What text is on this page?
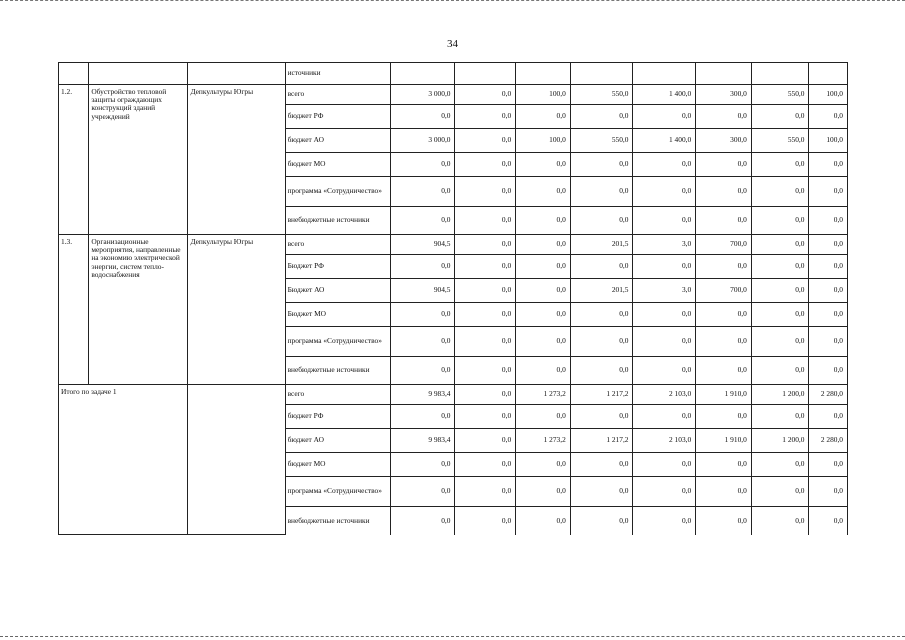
34
			источники								
1.2.	Обустройство тепловой защиты ограждающих конструкций зданий учреждений	Депкультуры Югры	всего	3 000,0	0,0	100,0	550,0	1 400,0	300,0	550,0	100,0
			бюджет РФ	0,0	0,0	0,0	0,0	0,0	0,0	0,0	0,0
			бюджет АО	3 000,0	0,0	100,0	550,0	1 400,0	300,0	550,0	100,0
			бюджет МО	0,0	0,0	0,0	0,0	0,0	0,0	0,0	0,0
			программа «Сотрудничество»	0,0	0,0	0,0	0,0	0,0	0,0	0,0	0,0
			внебюджетные источники	0,0	0,0	0,0	0,0	0,0	0,0	0,0	0,0
1.3.	Организационные мероприятия, направленные на экономию электрической энергии, систем тепло-водоснабжения	Депкультуры Югры	всего	904,5	0,0	0,0	201,5	3,0	700,0	0,0	0,0
			Бюджет РФ	0,0	0,0	0,0	0,0	0,0	0,0	0,0	0,0
			Бюджет АО	904,5	0,0	0,0	201,5	3,0	700,0	0,0	0,0
			Бюджет МО	0,0	0,0	0,0	0,0	0,0	0,0	0,0	0,0
			программа «Сотрудничество»	0,0	0,0	0,0	0,0	0,0	0,0	0,0	0,0
			внебюджетные источники	0,0	0,0	0,0	0,0	0,0	0,0	0,0	0,0
Итого по задаче 1			всего	9 983,4	0,0	1 273,2	1 217,2	2 103,0	1 910,0	1 200,0	2 280,0
			бюджет РФ	0,0	0,0	0,0	0,0	0,0	0,0	0,0	0,0
			бюджет АО	9 983,4	0,0	1 273,2	1 217,2	2 103,0	1 910,0	1 200,0	2 280,0
			бюджет МО	0,0	0,0	0,0	0,0	0,0	0,0	0,0	0,0
			программа «Сотрудничество»	0,0	0,0	0,0	0,0	0,0	0,0	0,0	0,0
			внебюджетные источники	0,0	0,0	0,0	0,0	0,0	0,0	0,0	0,0
